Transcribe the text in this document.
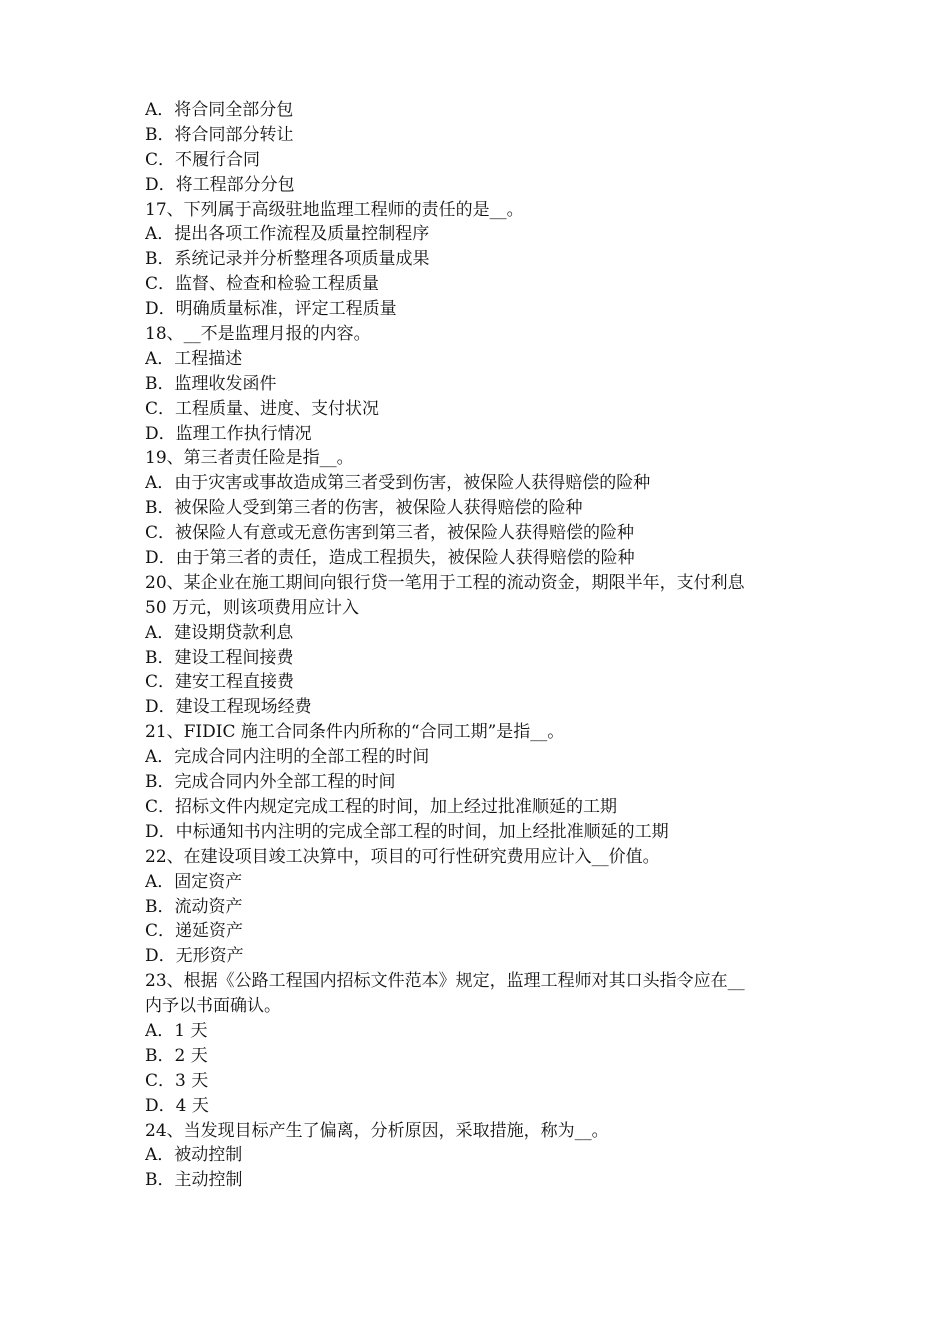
A．将合同全部分包
B．将合同部分转让
C．不履行合同
D．将工程部分分包
17、下列属于高级驻地监理工程师的责任的是__。
A．提出各项工作流程及质量控制程序
B．系统记录并分析整理各项质量成果
C．监督、检查和检验工程质量
D．明确质量标准，评定工程质量
18、__不是监理月报的内容。
A．工程描述
B．监理收发函件
C．工程质量、进度、支付状况
D．监理工作执行情况
19、第三者责任险是指__。
A．由于灾害或事故造成第三者受到伤害，被保险人获得赔偿的险种
B．被保险人受到第三者的伤害，被保险人获得赔偿的险种
C．被保险人有意或无意伤害到第三者，被保险人获得赔偿的险种
D．由于第三者的责任，造成工程损失，被保险人获得赔偿的险种
20、某企业在施工期间向银行贷一笔用于工程的流动资金，期限半年，支付利息
50 万元，则该项费用应计入
A．建设期贷款利息
B．建设工程间接费
C．建安工程直接费
D．建设工程现场经费
21、FIDIC 施工合同条件内所称的“合同工期”是指__。
A．完成合同内注明的全部工程的时间
B．完成合同内外全部工程的时间
C．招标文件内规定完成工程的时间，加上经过批准顺延的工期
D．中标通知书内注明的完成全部工程的时间，加上经批准顺延的工期
22、在建设项目竣工决算中，项目的可行性研究费用应计入__价值。
A．固定资产
B．流动资产
C．递延资产
D．无形资产
23、根据《公路工程国内招标文件范本》规定，监理工程师对其口头指令应在__
内予以书面确认。
A．1 天
B．2 天
C．3 天
D．4 天
24、当发现目标产生了偏离，分析原因，采取措施，称为__。
A．被动控制
B．主动控制
